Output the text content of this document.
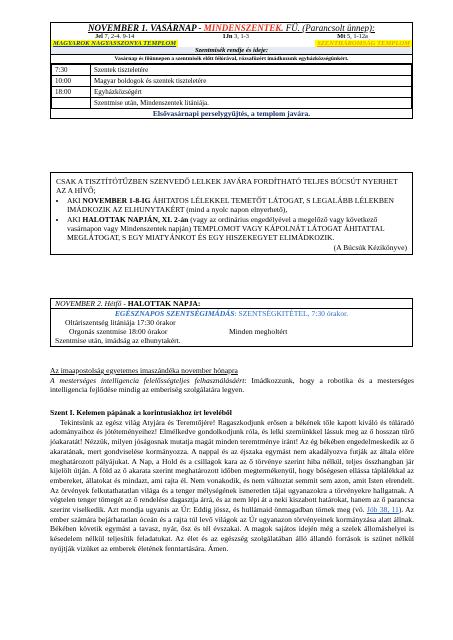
NOVEMBER 1. VASÁRNAP - MINDENSZENTEK. FÜ. (Parancsolt ünnep):
Jel 7, 2-4. 9-14	1Jn 3, 1-3	Mt 5, 1-12a
MAGYAROK NAGYASSZONYA TEMPLOM	SZENTHÁROMSÁG TEMPLOM
Szentmisék rendje és ideje:
Vasárnap és főünnepen a szentmisék előtt félórával, rózsafüzért imádkozunk egyházközségünkért.
7:30	Szentek tiszteletére
10:00	Magyar boldogok és szentek tiszteletére
18:00	Egyházközségért
	Szentmise után, Mindenszentek litániája.
Elsővasárnapi perselygyűjtés, a templom javára.
CSAK A TISZTÍTÓTŰZBEN SZENVEDŐ LELKEK JAVÁRA FORDÍTHATÓ TELJES BÚCSÚT NYERHET AZ A HÍVŐ;
• AKI NOVEMBER 1-8-IG ÁHITATOS LÉLEKKEL TEMETŐT LÁTOGAT, S LEGALÁBB LÉLEKBEN IMÁDKOZIK AZ ELHUNYTAKÉRT (mind a nyolc napon elnyerhető),
• AKI HALOTTAK NAPJÁN, XI. 2-án (vagy az ordinárius engedélyével a megelőző vagy következő vasárnapon vagy Mindenszentek napján) TEMPLOMOT VAGY KÁPOLNÁT LÁTOGAT ÁHITATTAL MEGLÁTOGAT, S EGY MIATYÁNKOT ÉS EGY HISZEKEGYET ELIMÁDKOZIK.
(A Búcsúk Kézikönyve)
NOVEMBER 2. Hétfő - HALOTTAK NAPJA:
EGÉSZNAPOS SZENTSÉGIMÁDÁS: SZENTSÉGKITÉTEL, 7:30 órakor.
Oltáriszentség litániája 17:30 órakor
Orgonás szentmise 18:00 órakor	Minden megholtért
Szentmise után, imádság az elhunytakért.
Az imaapostolság egyetemes imaszándéka november hónapra
A mesterséges intelligencia felelősségteljes felhasználásáért: Imádkozzunk, hogy a robotika és a mesterséges intelligencia fejlődése mindig az emberiség szolgálatára legyen.
Szent I. Kelemen pápának a korintusiakhoz írt leveléből
Tekintsünk az egész világ Atyjára és Teremtőjére! Ragaszkodjunk erősen a békének tőle kapott kiváló és túláradó adományaihoz és jótéteményeihez! Elmélkedve gondolkodjunk róla, és lelki szemünkkel lássuk meg az ő hosszan tűrő jóakaratát! Nézzük, milyen jóságosnak mutatja magát minden teremtménye iránt! Az ég békében engedelmeskedik az ő akaratának, mert gondviselése kormányozza. A nappal és az éjszaka egymást nem akadályozva futják az általa előre meghatározott pályájukat. A Nap, a Hold és a csillagok kara az ő törvénye szerint hiba nélkül, teljes összhangban jár kijelölt útján. A föld az ő akarata szerint meghatározott időben megtermékenyül, hogy bőségesen ellássa táplálékkal az embereket, állatokat és mindazt, ami rajta él. Nem vonakodik, és nem változtat semmit sem azon, amit Isten elrendelt. Az örvények felkutathatatlan világa és a tenger mélységének ismeretlen tájai ugyanazokra a törvényekre hallgatnak. A végtelen tenger tömegét az ő rendelése dagasztja árrá, és az nem lépi át a neki kiszabott határokat, hanem az ő parancsa szerint viselkedik. Azt mondja ugyanis az Úr: Eddig jössz, és hullámaid önmagadban törnek meg (vö. Jób 38, 11). Az ember számára bejárhatatlan óceán és a rajta túl levő világok az Úr ugyanazon törvényeinek kormányzása alatt állnak. Békében követik egymást a tavasz, nyár, ősz és tél évszakai. A magok sajátos idején még a szelek állomáshelyei is késedelem nélkül teljesítik feladatukat. Az élet és az egészség szolgálatában álló állandó források is szünet nélkül nyújtják vizüket az emberek életének fenntartására. Ámen.
